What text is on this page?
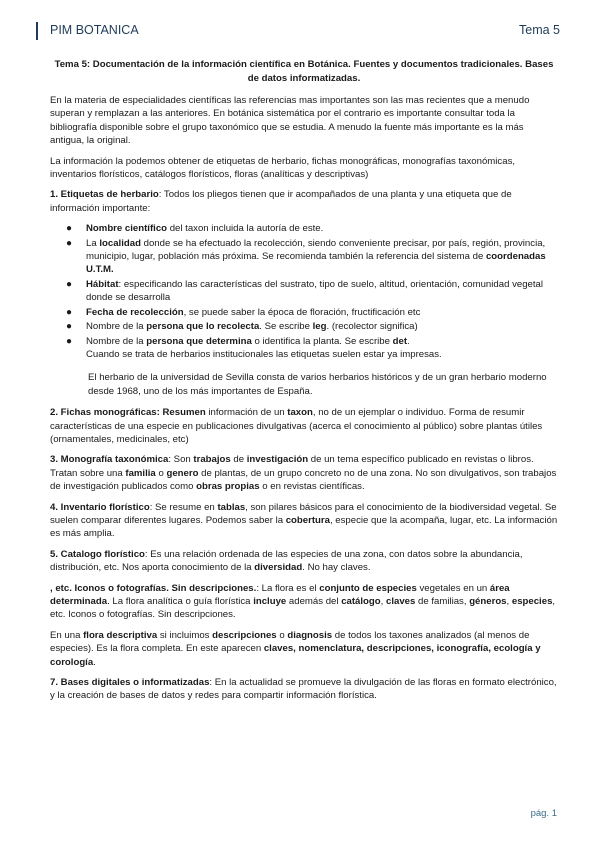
PIM BOTANICA	Tema 5
Tema 5: Documentación de la información científica en Botánica. Fuentes y documentos tradicionales. Bases de datos informatizadas.

En la materia de especialidades científicas las referencias mas importantes son las mas recientes que a menudo superan y remplazan a las anteriores. En botánica sistemática por el contrario es importante consultar toda la bibliografía disponible sobre el grupo taxonómico que se estudia. A menudo la fuente más importante es la más antigua, la original.

La información la podemos obtener de etiquetas de herbario, fichas monográficas, monografías taxonómicas, inventarios florísticos, catálogos florísticos, floras (analíticas y descriptivas)

1. Etiquetas de herbario: Todos los pliegos tienen que ir acompañados de una planta y una etiqueta que de información importante:

● Nombre científico del taxon incluida la autoría de este.
● La localidad donde se ha efectuado la recolección, siendo conveniente precisar, por país, región, provincia, municipio, lugar, población más próxima. Se recomienda también la referencia del sistema de coordenadas U.T.M.
● Hábitat: especificando las características del sustrato, tipo de suelo, altitud, orientación, comunidad vegetal donde se desarrolla
● Fecha de recolección, se puede saber la época de floración, fructificación etc
● Nombre de la persona que lo recolecta. Se escribe leg. (recolector significa)
● Nombre de la persona que determina o identifica la planta. Se escribe det.
Cuando se trata de herbarios institucionales las etiquetas suelen estar ya impresas.

El herbario de la universidad de Sevilla consta de varios herbarios históricos y de un gran herbario moderno desde 1968, uno de los más importantes de España.

2. Fichas monográficas: Resumen información de un taxon, no de un ejemplar o individuo. Forma de resumir características de una especie en publicaciones divulgativas (acerca el conocimiento al público) sobre plantas útiles (ornamentales, medicinales, etc)

3. Monografía taxonómica: Son trabajos de investigación de un tema específico publicado en revistas o libros. Tratan sobre una familia o genero de plantas, de un grupo concreto no de una zona. No son divulgativos, son trabajos de investigación publicados como obras propias o en revistas científicas.

4. Inventario florístico: Se resume en tablas, son pilares básicos para el conocimiento de la biodiversidad vegetal. Se suelen comparar diferentes lugares. Podemos saber la cobertura, especie que la acompaña, lugar, etc. La información es más amplia.

5. Catalogo florístico: Es una relación ordenada de las especies de una zona, con datos sobre la abundancia, distribución, etc. Nos aporta conocimiento de la diversidad. No hay claves.

, etc. Iconos o fotografías. Sin descripciones.: La flora es el conjunto de especies vegetales en un área determinada. La flora analítica o guía florística incluye además del catálogo, claves de familias, géneros, especies, etc. Iconos o fotografías. Sin descripciones.

En una flora descriptiva si incluimos descripciones o diagnosis de todos los taxones analizados (al menos de especies). Es la flora completa. En este aparecen claves, nomenclatura, descripciones, iconografía, ecología y corología.

7. Bases digitales o informatizadas: En la actualidad se promueve la divulgación de las floras en formato electrónico, y la creación de bases de datos y redes para compartir información florística.

pág. 1
